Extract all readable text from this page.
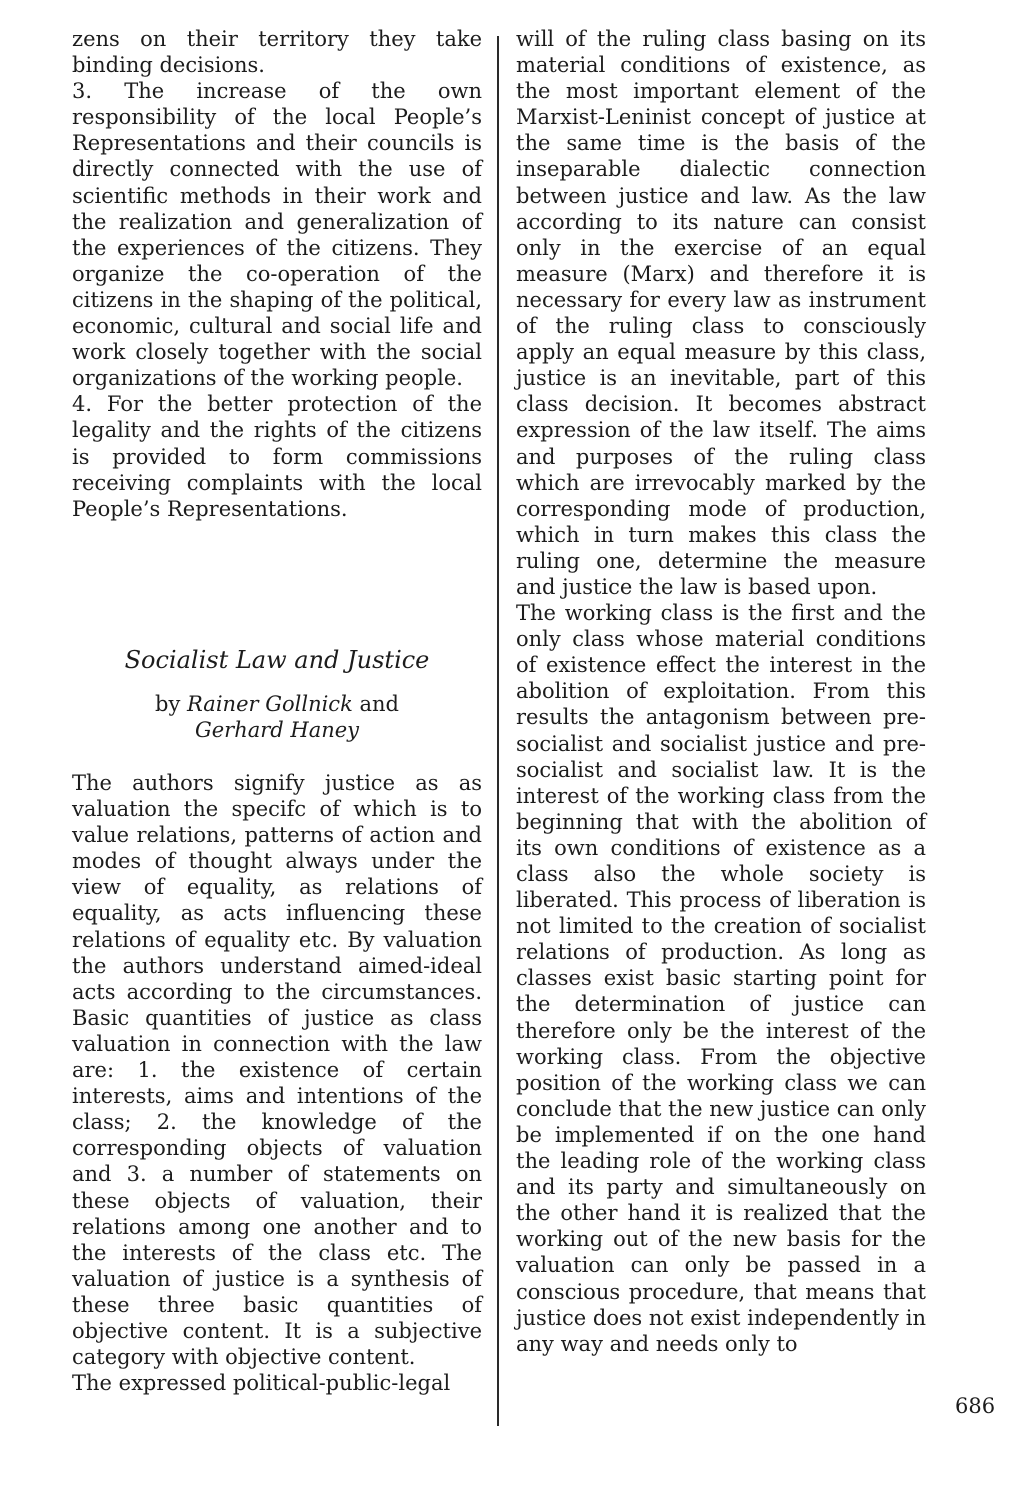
zens on their territory they take binding decisions.

3. The increase of the own responsibility of the local People’s Representations and their councils is directly connected with the use of scientific methods in their work and the realization and generalization of the experiences of the citizens. They organize the co-operation of the citizens in the shaping of the political, economic, cultural and social life and work closely together with the social organizations of the working people.

4. For the better protection of the legality and the rights of the citizens is provided to form commissions receiving complaints with the local People’s Representations.

Socialist Law and Justice
by Rainer Gollnick and
Gerhard Haney

The authors signify justice as as valuation the specifc of which is to value relations, patterns of action and modes of thought always under the view of equality, as relations of equality, as acts influencing these relations of equality etc. By valuation the authors understand aimed-ideal acts according to the circumstances. Basic quantities of justice as class valuation in connection with the law are: 1. the existence of certain interests, aims and intentions of the class; 2. the knowledge of the corresponding objects of valuation and 3. a number of statements on these objects of valuation, their relations among one another and to the interests of the class etc. The valuation of justice is a synthesis of these three basic quantities of objective content. It is a subjective category with objective content.

The expressed political-public-legal

will of the ruling class basing on its material conditions of existence, as the most important element of the Marxist-Leninist concept of justice at the same time is the basis of the inseparable dialectic connection between justice and law. As the law according to its nature can consist only in the exercise of an equal measure (Marx) and therefore it is necessary for every law as instrument of the ruling class to consciously apply an equal measure by this class, justice is an inevitable, part of this class decision. It becomes abstract expression of the law itself. The aims and purposes of the ruling class which are irrevocably marked by the corresponding mode of production, which in turn makes this class the ruling one, determine the measure and justice the law is based upon.

The working class is the first and the only class whose material conditions of existence effect the interest in the abolition of exploitation. From this results the antagonism between pre-socialist and socialist justice and pre-socialist and socialist law. It is the interest of the working class from the beginning that with the abolition of its own conditions of existence as a class also the whole society is liberated. This process of liberation is not limited to the creation of socialist relations of production. As long as classes exist basic starting point for the determination of justice can therefore only be the interest of the working class. From the objective position of the working class we can conclude that the new justice can only be implemented if on the one hand the leading role of the working class and its party and simultaneously on the other hand it is realized that the working out of the new basis for the valuation can only be passed in a conscious procedure, that means that justice does not exist independently in any way and needs only to

686
